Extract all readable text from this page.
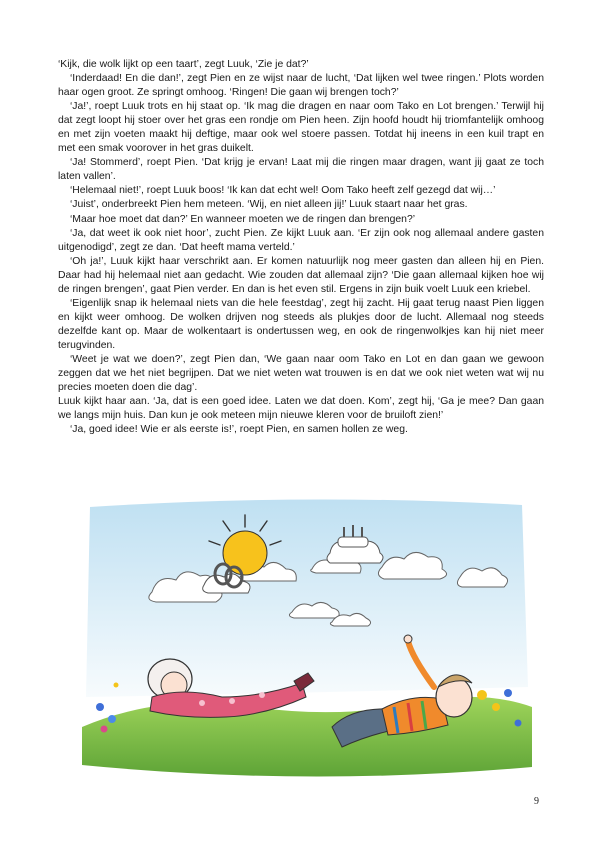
‘Kijk, die wolk lijkt op een taart’, zegt Luuk, ‘Zie je dat?’

‘Inderdaad! En die dan!’, zegt Pien en ze wijst naar de lucht, ‘Dat lijken wel twee ringen.’ Plots worden haar ogen groot. Ze springt omhoog. ‘Ringen! Die gaan wij brengen toch?’

‘Ja!’, roept Luuk trots en hij staat op. ‘Ik mag die dragen en naar oom Tako en Lot brengen.’ Terwijl hij dat zegt loopt hij stoer over het gras een rondje om Pien heen. Zijn hoofd houdt hij triomfantelijk omhoog en met zijn voeten maakt hij deftige, maar ook wel stoere passen. Totdat hij ineens in een kuil trapt en met een smak voorover in het gras duikelt.

‘Ja! Stommerd’, roept Pien. ‘Dat krijg je ervan! Laat mij die ringen maar dragen, want jij gaat ze toch laten vallen’.

‘Helemaal niet!’, roept Luuk boos! ‘Ik kan dat echt wel! Oom Tako heeft zelf gezegd dat wij…’

‘Juist’, onderbreekt Pien hem meteen. ‘Wij, en niet alleen jij!’ Luuk staart naar het gras.

‘Maar hoe moet dat dan?’ En wanneer moeten we de ringen dan brengen?’

‘Ja, dat weet ik ook niet hoor’, zucht Pien. Ze kijkt Luuk aan. ‘Er zijn ook nog allemaal andere gasten uitgenodigd’, zegt ze dan. ‘Dat heeft mama verteld.’

‘Oh ja!’, Luuk kijkt haar verschrikt aan. Er komen natuurlijk nog meer gasten dan alleen hij en Pien. Daar had hij helemaal niet aan gedacht. Wie zouden dat allemaal zijn? ‘Die gaan allemaal kijken hoe wij de ringen brengen’, gaat Pien verder. En dan is het even stil. Ergens in zijn buik voelt Luuk een kriebel.

‘Eigenlijk snap ik helemaal niets van die hele feestdag’, zegt hij zacht. Hij gaat terug naast Pien liggen en kijkt weer omhoog. De wolken drijven nog steeds als plukjes door de lucht. Allemaal nog steeds dezelfde kant op. Maar de wolkentaart is ondertussen weg, en ook de ringenwolkjes kan hij niet meer terugvinden.

‘Weet je wat we doen?’, zegt Pien dan, ‘We gaan naar oom Tako en Lot en dan gaan we gewoon zeggen dat we het niet begrijpen. Dat we niet weten wat trouwen is en dat we ook niet weten wat wij nu precies moeten doen die dag’.

Luuk kijkt haar aan. ‘Ja, dat is een goed idee. Laten we dat doen. Kom’, zegt hij, ‘Ga je mee? Dan gaan we langs mijn huis. Dan kun je ook meteen mijn nieuwe kleren voor de bruiloft zien!’

‘Ja, goed idee! Wie er als eerste is!’, roept Pien, en samen hollen ze weg.

9
